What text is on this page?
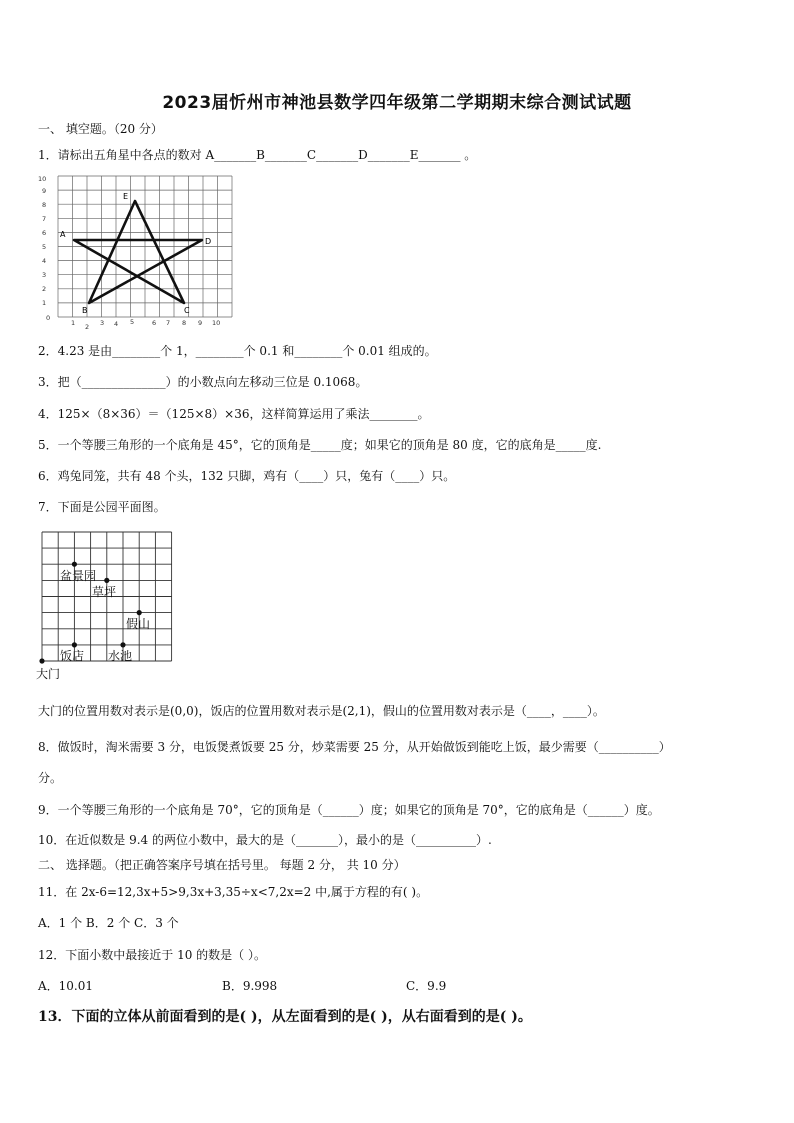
2023届忻州市神池县数学四年级第二学期期末综合测试试题
一、 填空题。（20 分）
1．请标出五角星中各点的数对 A_______B_______C_______D_______E_______ 。
A
B	C
D
E
0
1
2
3
4
5
6
7
8
9
10
1 2 3 4 5	6 7 8 9 10
2．4.23 是由________个 1，________个 0.1 和________个 0.01 组成的。
3．把（______________）的小数点向左移动三位是 0.1068。
4．125×（8×36）＝（125×8）×36，这样简算运用了乘法________。
5．一个等腰三角形的一个底角是 45°，它的顶角是_____度；如果它的顶角是 80 度，它的底角是_____度.
6．鸡兔同笼，共有 48 个头，132 只脚，鸡有（____）只，兔有（____）只。
7．下面是公园平面图。
盆景园
草坪
假山
饭店 水池
大门
大门的位置用数对表示是(0,0)，饭店的位置用数对表示是(2,1)，假山的位置用数对表示是（____，____）。
8．做饭时，淘米需要 3 分，电饭煲煮饭要 25 分，炒菜需要 25 分，从开始做饭到能吃上饭，最少需要（__________）
分。
9．一个等腰三角形的一个底角是 70°，它的顶角是（______）度；如果它的顶角是 70°，它的底角是（______）度。
10．在近似数是 9.4 的两位小数中，最大的是（_______），最小的是（__________）.
二、 选择题。（把正确答案序号填在括号里。 每题 2 分， 共 10 分）
11．在 2x-6=12,3x+5>9,3x+3,35÷x<7,2x=2 中,属于方程的有( )。
A．1 个 B．2 个 C．3 个
12．下面小数中最接近于 10 的数是（ ）。
A．10.01	B．9.998	C．9.9
13．下面的立体从前面看到的是( )，从左面看到的是( )，从右面看到的是( )。
